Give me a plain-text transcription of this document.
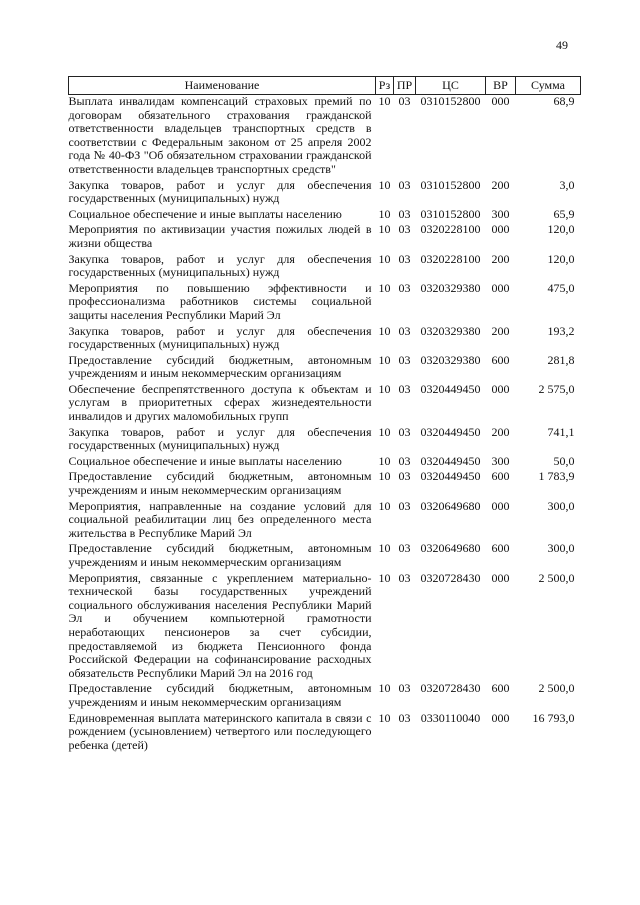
49
Наименование	Рз	ПР	ЦС	ВР	Сумма
Выплата инвалидам компенсаций страховых премий по договорам обязательного страхования гражданской ответственности владельцев транспортных средств в соответствии с Федеральным законом от 25 апреля 2002 года № 40-ФЗ "Об обязательном страховании гражданской ответственности владельцев транспортных средств"	10	03	0310152800	000	68,9
Закупка товаров, работ и услуг для обеспечения государственных (муниципальных) нужд	10	03	0310152800	200	3,0
Социальное обеспечение и иные выплаты населению	10	03	0310152800	300	65,9
Мероприятия по активизации участия пожилых людей в жизни общества	10	03	0320228100	000	120,0
Закупка товаров, работ и услуг для обеспечения государственных (муниципальных) нужд	10	03	0320228100	200	120,0
Мероприятия по повышению эффективности и профессионализма работников системы социальной защиты населения Республики Марий Эл	10	03	0320329380	000	475,0
Закупка товаров, работ и услуг для обеспечения государственных (муниципальных) нужд	10	03	0320329380	200	193,2
Предоставление субсидий бюджетным, автономным учреждениям и иным некоммерческим организациям	10	03	0320329380	600	281,8
Обеспечение беспрепятственного доступа к объектам и услугам в приоритетных сферах жизнедеятельности инвалидов и других маломобильных групп	10	03	0320449450	000	2 575,0
Закупка товаров, работ и услуг для обеспечения государственных (муниципальных) нужд	10	03	0320449450	200	741,1
Социальное обеспечение и иные выплаты населению	10	03	0320449450	300	50,0
Предоставление субсидий бюджетным, автономным учреждениям и иным некоммерческим организациям	10	03	0320449450	600	1 783,9
Мероприятия, направленные на создание условий для социальной реабилитации лиц без определенного места жительства в Республике Марий Эл	10	03	0320649680	000	300,0
Предоставление субсидий бюджетным, автономным учреждениям и иным некоммерческим организациям	10	03	0320649680	600	300,0
Мероприятия, связанные с укреплением материально-технической базы государственных учреждений социального обслуживания населения Республики Марий Эл и обучением компьютерной грамотности неработающих пенсионеров за счет субсидии, предоставляемой из бюджета Пенсионного фонда Российской Федерации на софинансирование расходных обязательств Республики Марий Эл на 2016 год	10	03	0320728430	000	2 500,0
Предоставление субсидий бюджетным, автономным учреждениям и иным некоммерческим организациям	10	03	0320728430	600	2 500,0
Единовременная выплата материнского капитала в связи с рождением (усыновлением) четвертого или последующего ребенка (детей)	10	03	0330110040	000	16 793,0
